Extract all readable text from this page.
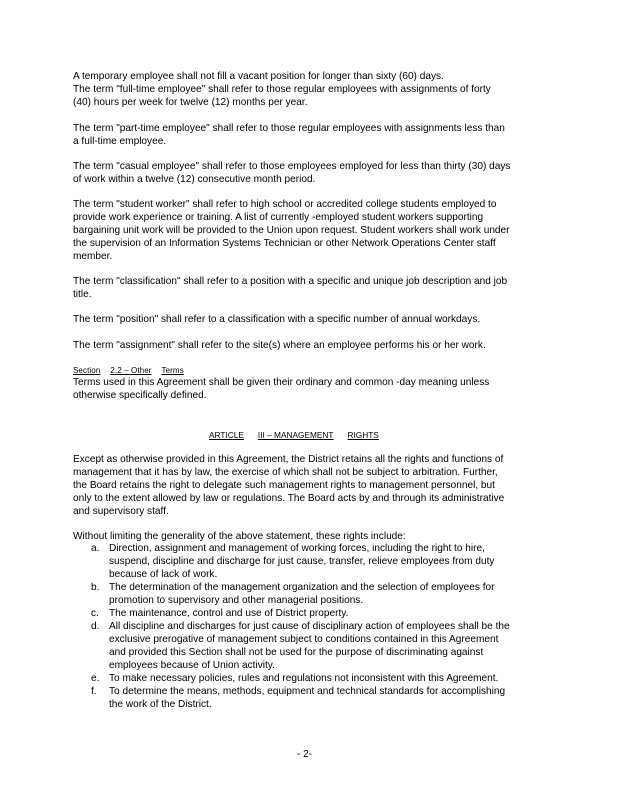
A temporary employee shall not fill a vacant position for longer than sixty (60) days.
The term "full-time employee" shall refer to those regular employees with assignments of forty
(40) hours per week for twelve (12) months per year.
The term "part-time employee" shall refer to those regular employees with assignments less than
a full-time employee.
The term "casual employee" shall refer to those employees employed for less than thirty (30) days
of work within a twelve (12) consecutive month period.
The term "student worker" shall refer to high school or accredited college students employed to
provide work experience or training. A list of currently -employed student workers supporting
bargaining unit work will be provided to the Union upon request. Student workers shall work under
the supervision of an Information Systems Technician or other Network Operations Center staff
member.
The term "classification" shall refer to a position with a specific and unique job description and job
title.
The term "position" shall refer to a classification with a specific number of annual workdays.
The term "assignment" shall refer to the site(s) where an employee performs his or her work.

Section 2.2 – Other Terms

Terms used in this Agreement shall be given their ordinary and common -day meaning unless
otherwise specifically defined.

ARTICLE III – MANAGEMENT RIGHTS

Except as otherwise provided in this Agreement, the District retains all the rights and functions of
management that it has by law, the exercise of which shall not be subject to arbitration. Further,
the Board retains the right to delegate such management rights to management personnel, but
only to the extent allowed by law or regulations. The Board acts by and through its administrative
and supervisory staff.
Without limiting the generality of the above statement, these rights include:
a. Direction, assignment and management of working forces, including the right to hire,
suspend, discipline and discharge for just cause, transfer, relieve employees from duty
because of lack of work.
b. The determination of the management organization and the selection of employees for
promotion to supervisory and other managerial positions.
c. The maintenance, control and use of District property.
d. All discipline and discharges for just cause of disciplinary action of employees shall be the
exclusive prerogative of management subject to conditions contained in this Agreement
and provided this Section shall not be used for the purpose of discriminating against
employees because of Union activity.
e. To make necessary policies, rules and regulations not inconsistent with this Agreement.
f. To determine the means, methods, equipment and technical standards for accomplishing
the work of the District.
- 2-
